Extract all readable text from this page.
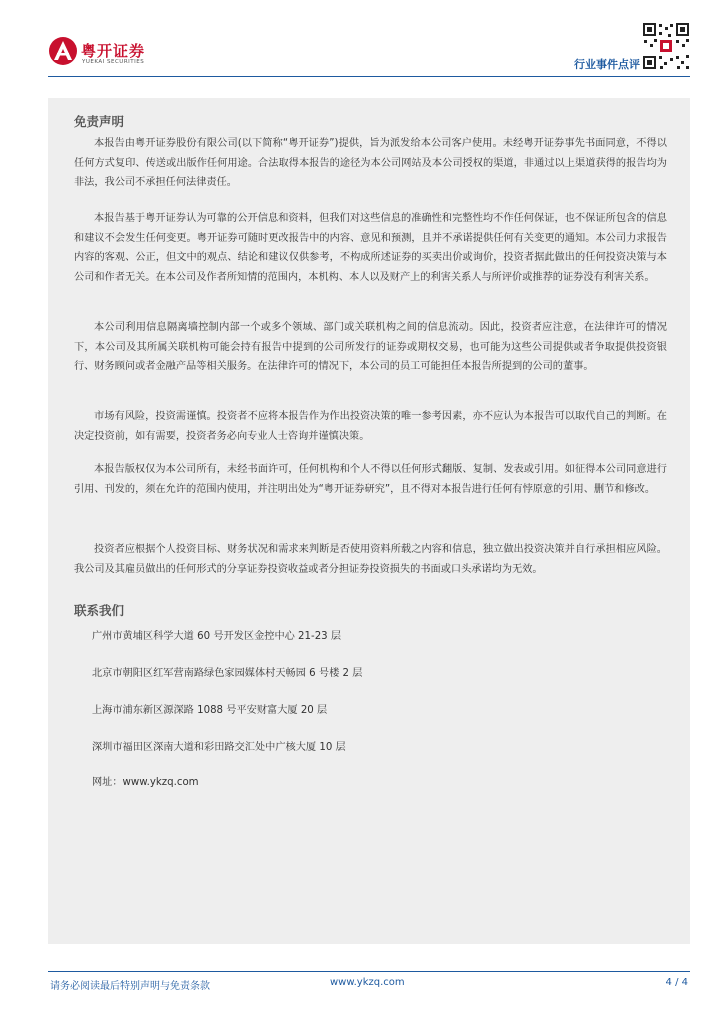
粤开证券
YUEKAI SECURITIES	行业事件点评
免责声明

本报告由粤开证券股份有限公司(以下简称“粤开证券”)提供，旨为派发给本公司客户使用。未经粤开证券事先书面同意，不得以任何方式复印、传送或出版作任何用途。合法取得本报告的途径为本公司网站及本公司授权的渠道，非通过以上渠道获得的报告均为非法，我公司不承担任何法律责任。

本报告基于粤开证券认为可靠的公开信息和资料，但我们对这些信息的准确性和完整性均不作任何保证，也不保证所包含的信息和建议不会发生任何变更。粤开证券可随时更改报告中的内容、意见和预测，且并不承诺提供任何有关变更的通知。本公司力求报告内容的客观、公正，但文中的观点、结论和建议仅供参考，不构成所述证券的买卖出价或询价，投资者据此做出的任何投资决策与本公司和作者无关。在本公司及作者所知情的范围内，本机构、本人以及财产上的利害关系人与所评价或推荐的证券没有利害关系。

本公司利用信息隔离墙控制内部一个或多个领域、部门或关联机构之间的信息流动。因此，投资者应注意，在法律许可的情况下，本公司及其所属关联机构可能会持有报告中提到的公司所发行的证券或期权交易，也可能为这些公司提供或者争取提供投资银行、财务顾问或者金融产品等相关服务。在法律许可的情况下，本公司的员工可能担任本报告所提到的公司的董事。

市场有风险，投资需谨慎。投资者不应将本报告作为作出投资决策的唯一参考因素，亦不应认为本报告可以取代自己的判断。在决定投资前，如有需要，投资者务必向专业人士咨询并谨慎决策。

本报告版权仅为本公司所有，未经书面许可，任何机构和个人不得以任何形式翻版、复制、发表或引用。如征得本公司同意进行引用、刊发的，须在允许的范围内使用，并注明出处为“粤开证券研究”，且不得对本报告进行任何有悖原意的引用、删节和修改。

投资者应根据个人投资目标、财务状况和需求来判断是否使用资料所载之内容和信息，独立做出投资决策并自行承担相应风险。我公司及其雇员做出的任何形式的分享证券投资收益或者分担证券投资损失的书面或口头承诺均为无效。

联系我们
广州市黄埔区科学大道 60 号开发区金控中心 21-23 层
北京市朝阳区红军营南路绿色家园媒体村天畅园 6 号楼 2 层
上海市浦东新区源深路 1088 号平安财富大厦 20 层
深圳市福田区深南大道和彩田路交汇处中广核大厦 10 层
网址：www.ykzq.com
请务必阅读最后特别声明与免责条款	www.ykzq.com	4 / 4
